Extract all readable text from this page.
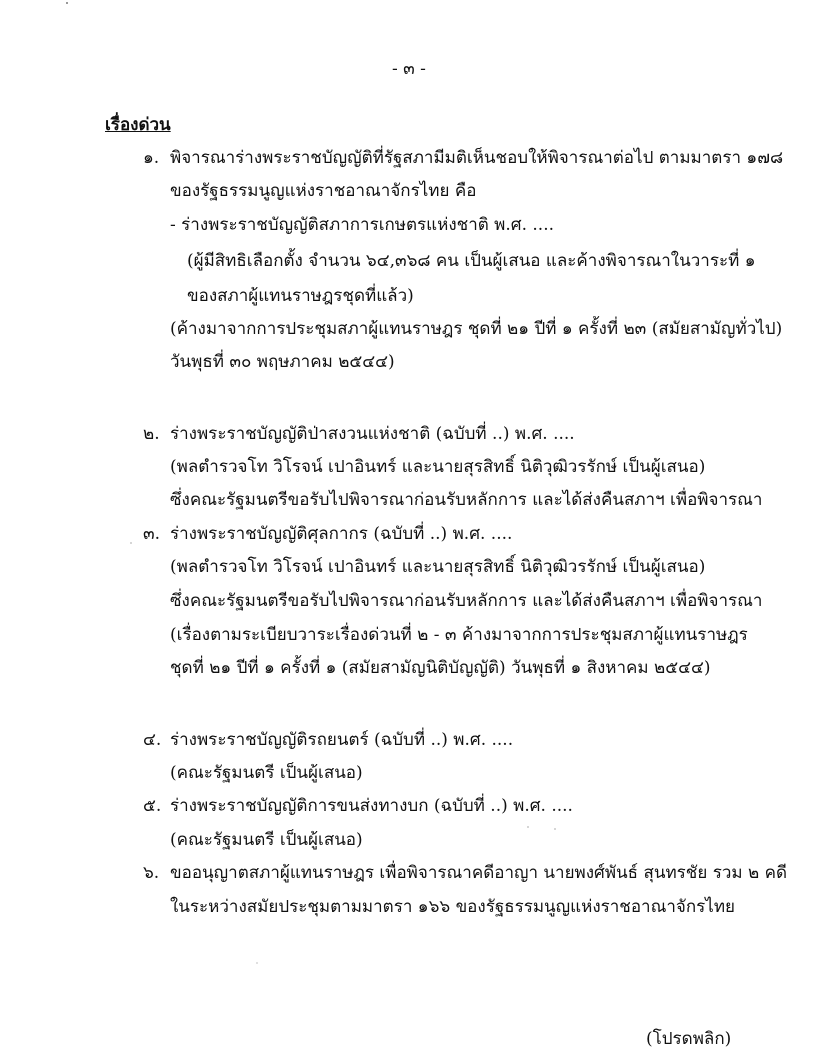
- ๓ -
เรื่องด่วน
๑. พิจารณาร่างพระราชบัญญัติที่รัฐสภามีมติเห็นชอบให้พิจารณาต่อไป ตามมาตรา ๑๗๘
ของรัฐธรรมนูญแห่งราชอาณาจักรไทย คือ
- ร่างพระราชบัญญัติสภาการเกษตรแห่งชาติ พ.ศ. ....
(ผู้มีสิทธิเลือกตั้ง จำนวน ๖๔,๓๖๘ คน เป็นผู้เสนอ และค้างพิจารณาในวาระที่ ๑
ของสภาผู้แทนราษฎรชุดที่แล้ว)
(ค้างมาจากการประชุมสภาผู้แทนราษฎร ชุดที่ ๒๑ ปีที่ ๑ ครั้งที่ ๒๓ (สมัยสามัญทั่วไป)
วันพุธที่ ๓๐ พฤษภาคม ๒๕๔๔)
๒. ร่างพระราชบัญญัติป่าสงวนแห่งชาติ (ฉบับที่ ..) พ.ศ. ....
(พลตำรวจโท วิโรจน์ เปาอินทร์ และนายสุรสิทธิ์ นิติวุฒิวรรักษ์ เป็นผู้เสนอ)
ซึ่งคณะรัฐมนตรีขอรับไปพิจารณาก่อนรับหลักการ และได้ส่งคืนสภาฯ เพื่อพิจารณา
๓. ร่างพระราชบัญญัติศุลกากร (ฉบับที่ ..) พ.ศ. ....
(พลตำรวจโท วิโรจน์ เปาอินทร์ และนายสุรสิทธิ์ นิติวุฒิวรรักษ์ เป็นผู้เสนอ)
ซึ่งคณะรัฐมนตรีขอรับไปพิจารณาก่อนรับหลักการ และได้ส่งคืนสภาฯ เพื่อพิจารณา
(เรื่องตามระเบียบวาระเรื่องด่วนที่ ๒ - ๓ ค้างมาจากการประชุมสภาผู้แทนราษฎร
ชุดที่ ๒๑ ปีที่ ๑ ครั้งที่ ๑ (สมัยสามัญนิติบัญญัติ) วันพุธที่ ๑ สิงหาคม ๒๕๔๔)
๔. ร่างพระราชบัญญัติรถยนตร์ (ฉบับที่ ..) พ.ศ. ....
(คณะรัฐมนตรี เป็นผู้เสนอ)
๕. ร่างพระราชบัญญัติการขนส่งทางบก (ฉบับที่ ..) พ.ศ. ....
(คณะรัฐมนตรี เป็นผู้เสนอ)
๖. ขออนุญาตสภาผู้แทนราษฎร เพื่อพิจารณาคดีอาญา นายพงศ์พันธ์ สุนทรชัย รวม ๒ คดี
ในระหว่างสมัยประชุมตามมาตรา ๑๖๖ ของรัฐธรรมนูญแห่งราชอาณาจักรไทย
(โปรดพลิก)
